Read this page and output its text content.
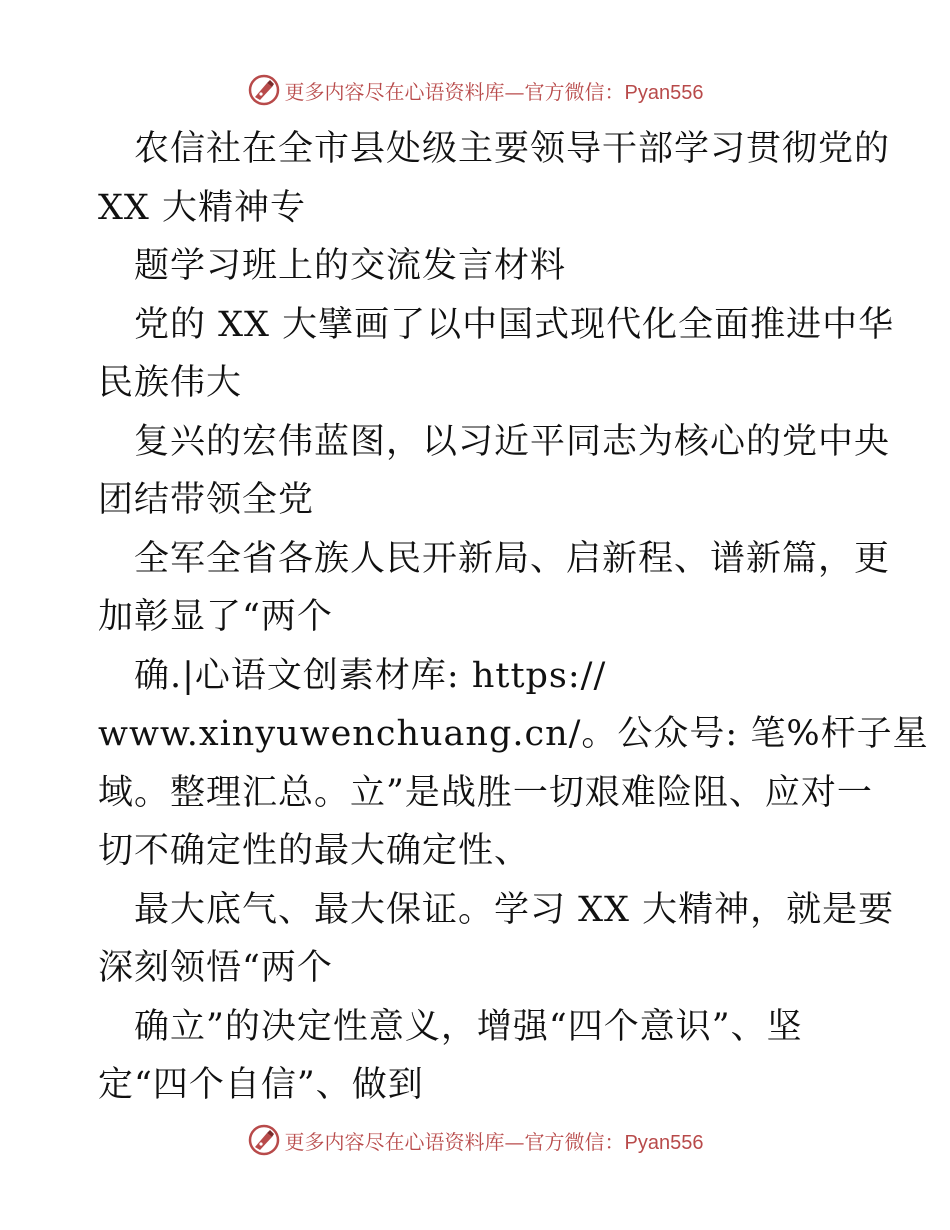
更多内容尽在心语资料库—官方微信：Pyan556
农信社在全市县处级主要领导干部学习贯彻党的
XX 大精神专
题学习班上的交流发言材料
党的 XX 大擘画了以中国式现代化全面推进中华
民族伟大
复兴的宏伟蓝图，以习近平同志为核心的党中央
团结带领全党
全军全省各族人民开新局、启新程、谱新篇，更
加彰显了“两个
确.|心语文创素材库: https://
www.xinyuwenchuang.cn/。公众号: 笔%杆子星
域。整理汇总。立”是战胜一切艰难险阻、应对一
切不确定性的最大确定性、
最大底气、最大保证。学习 XX 大精神，就是要
深刻领悟“两个
确立”的决定性意义，增强“四个意识”、坚
定“四个自信”、做到
更多内容尽在心语资料库—官方微信：Pyan556
